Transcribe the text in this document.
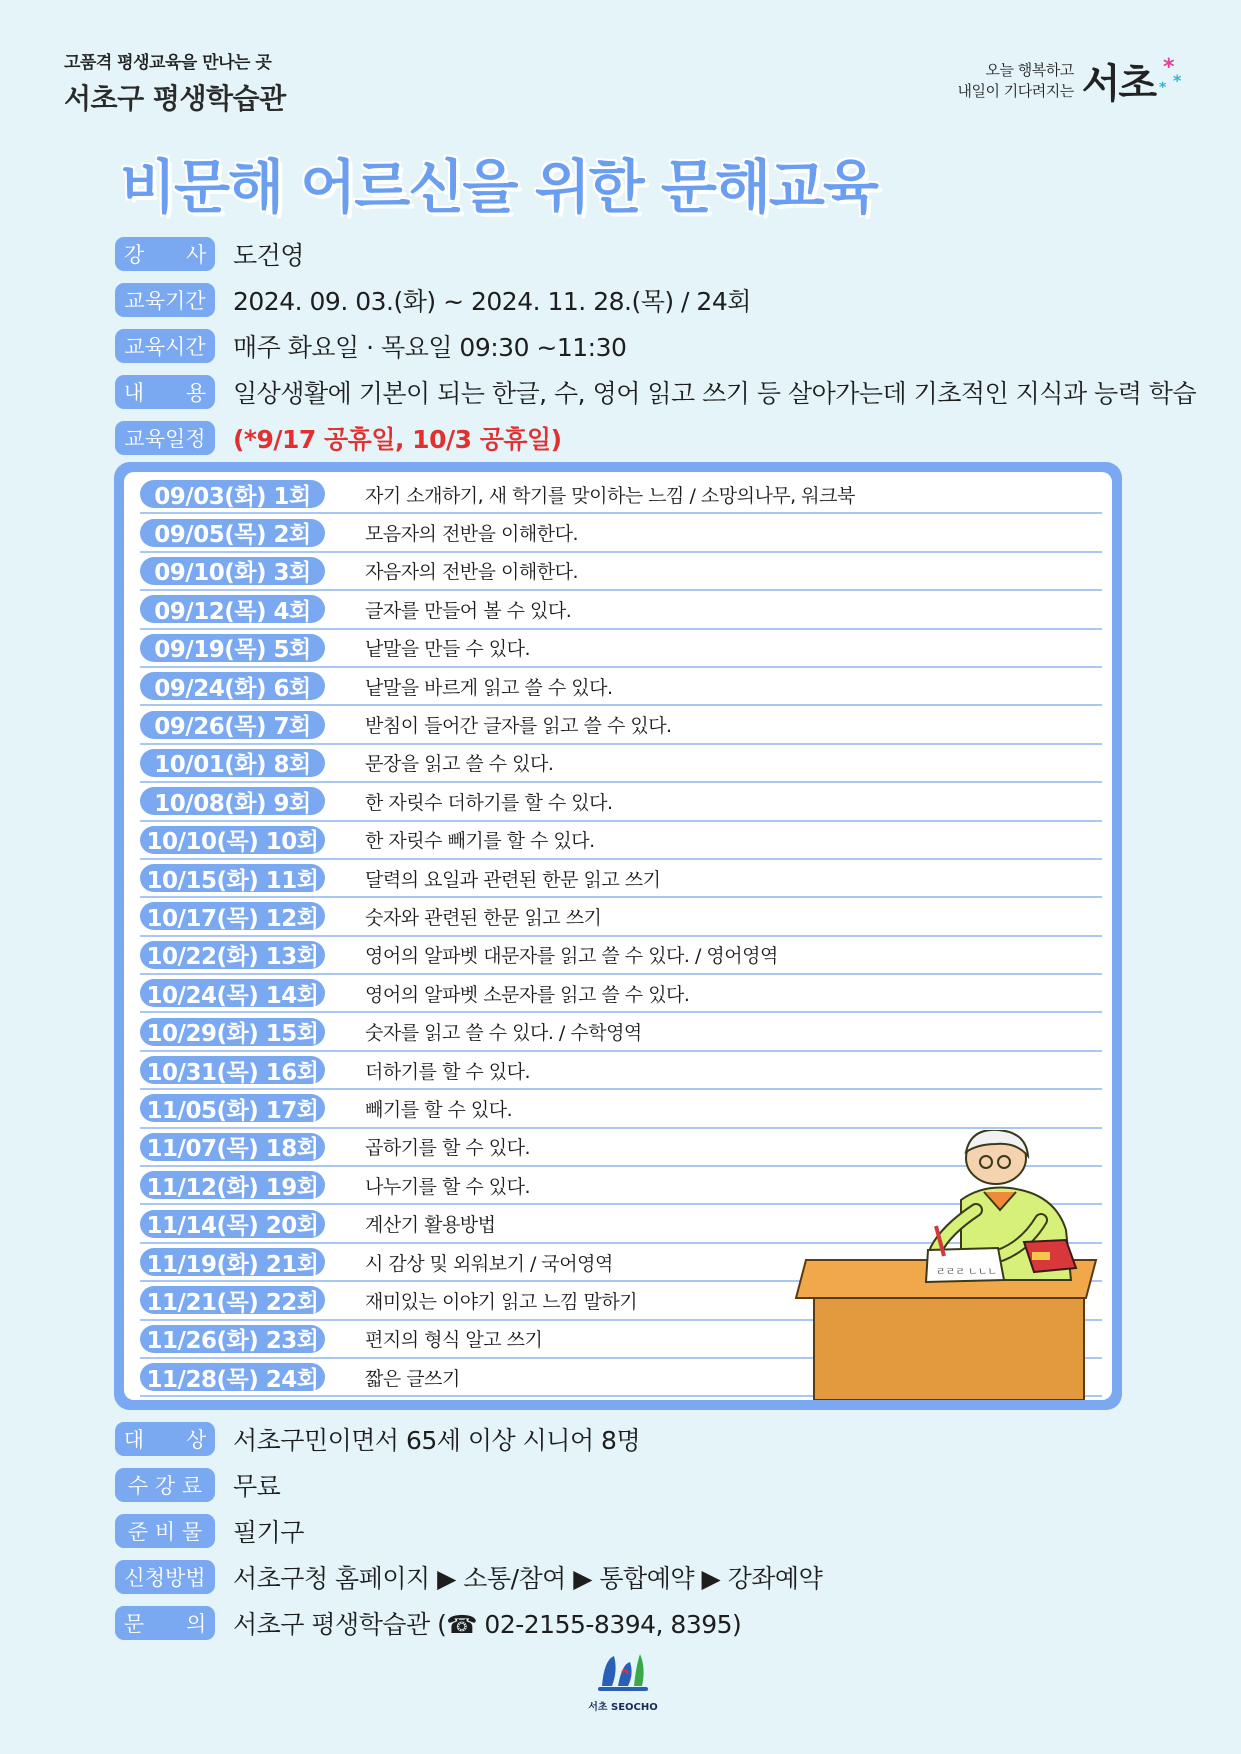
고품격 평생교육을 만나는 곳
서초구 평생학습관
오늘 행복하고
내일이 기다려지는 서초 *
*
*
비문해 어르신을 위한 문해교육
강　　사	도건영
교육기간	2024. 09. 03.(화) ~ 2024. 11. 28.(목) / 24회
교육시간	매주 화요일 · 목요일 09:30 ~11:30
내　　용	일상생활에 기본이 되는 한글, 수, 영어 읽고 쓰기 등 살아가는데 기초적인 지식과 능력 학습
교육일정	(*9/17 공휴일, 10/3 공휴일)
09/03(화) 1회	자기 소개하기, 새 학기를 맞이하는 느낌 / 소망의나무, 워크북
09/05(목) 2회	모음자의 전반을 이해한다.
09/10(화) 3회	자음자의 전반을 이해한다.
09/12(목) 4회	글자를 만들어 볼 수 있다.
09/19(목) 5회	낱말을 만들 수 있다.
09/24(화) 6회	낱말을 바르게 읽고 쓸 수 있다.
09/26(목) 7회	받침이 들어간 글자를 읽고 쓸 수 있다.
10/01(화) 8회	문장을 읽고 쓸 수 있다.
10/08(화) 9회	한 자릿수 더하기를 할 수 있다.
10/10(목) 10회	한 자릿수 빼기를 할 수 있다.
10/15(화) 11회	달력의 요일과 관련된 한문 읽고 쓰기
10/17(목) 12회	숫자와 관련된 한문 읽고 쓰기
10/22(화) 13회	영어의 알파벳 대문자를 읽고 쓸 수 있다. / 영어영역
10/24(목) 14회	영어의 알파벳 소문자를 읽고 쓸 수 있다.
10/29(화) 15회	숫자를 읽고 쓸 수 있다. / 수학영역
10/31(목) 16회	더하기를 할 수 있다.
11/05(화) 17회	빼기를 할 수 있다.
11/07(목) 18회	곱하기를 할 수 있다.
11/12(화) 19회	나누기를 할 수 있다.
11/14(목) 20회	계산기 활용방법
11/19(화) 21회	시 감상 및 외워보기 / 국어영역
11/21(목) 22회	재미있는 이야기 읽고 느낌 말하기
11/26(화) 23회	편지의 형식 알고 쓰기
11/28(목) 24회	짧은 글쓰기
ㄹㄹㄹ ㄴㄴㄴ
대　　상	서초구민이면서 65세 이상 시니어 8명
수 강 료	무료
준 비 물	필기구
신청방법	서초구청 홈페이지 ▶ 소통/참여 ▶ 통합예약 ▶ 강좌예약
문　　의	서초구 평생학습관 (☎ 02-2155-8394, 8395)
서초 SEOCHO
